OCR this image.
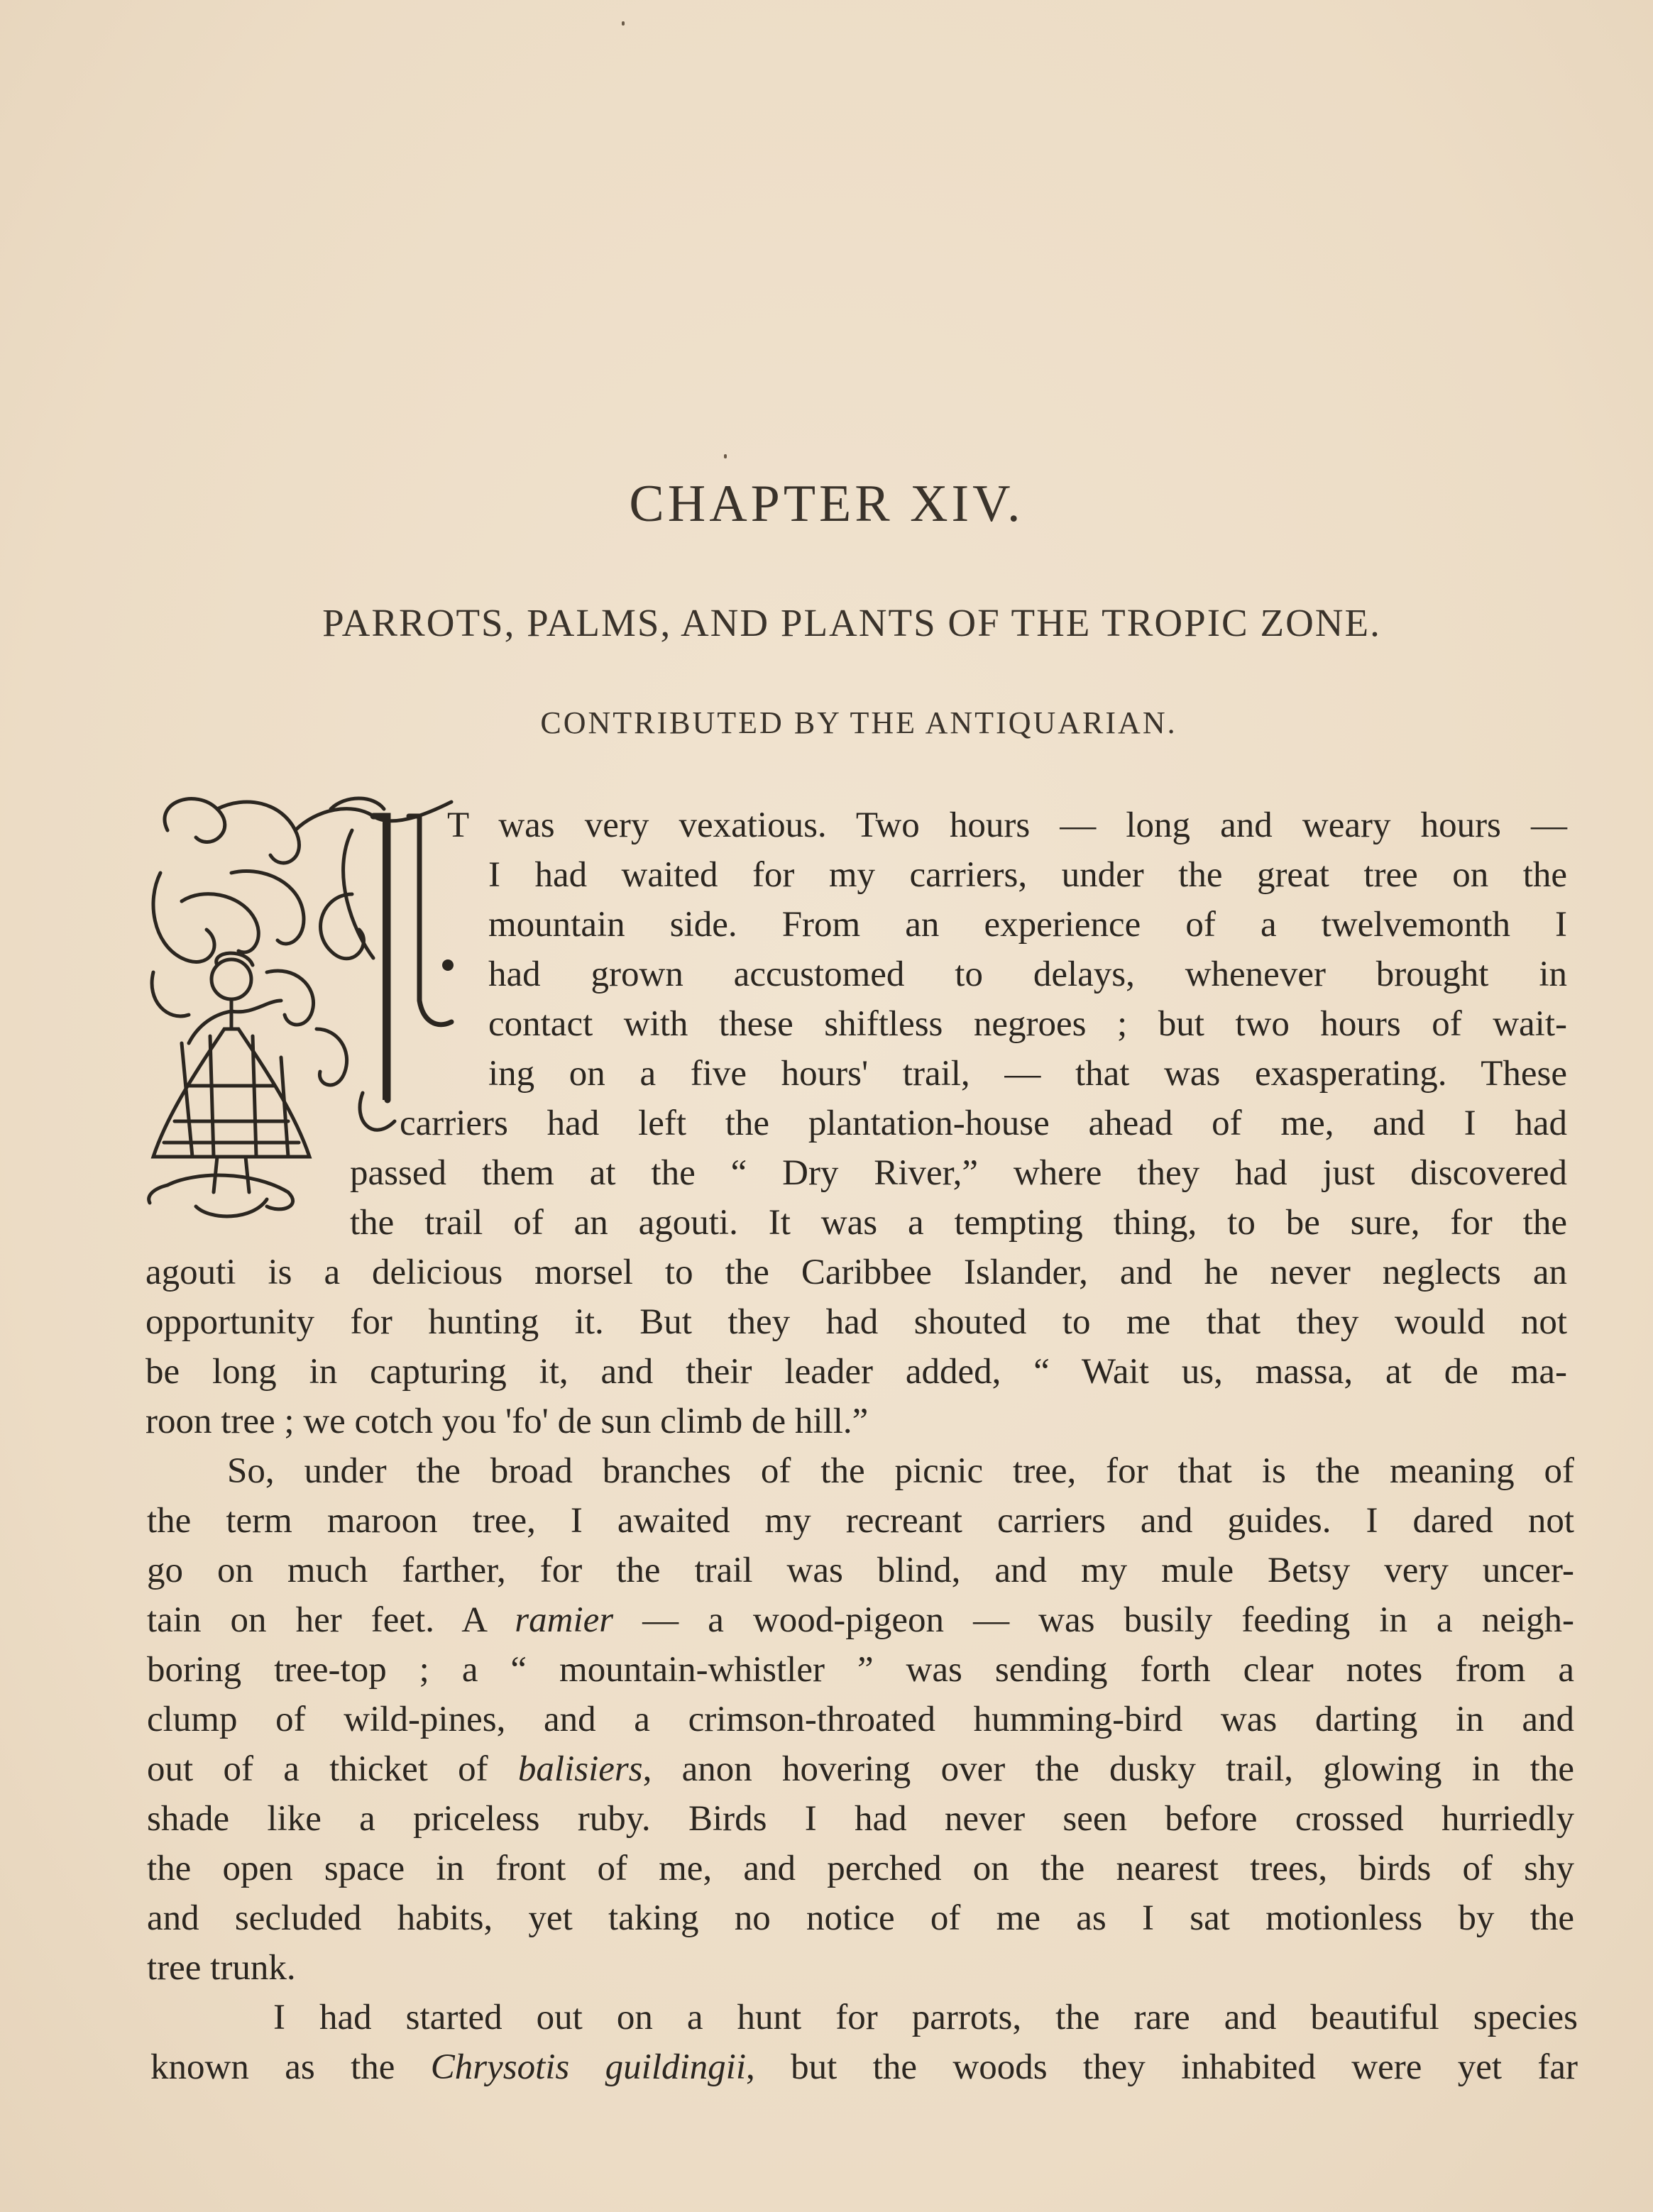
CHAPTER XIV.
PARROTS, PALMS, AND PLANTS OF THE TROPIC ZONE.
CONTRIBUTED BY THE ANTIQUARIAN.
T was very vexatious. Two hours — long and weary hours —
I had waited for my carriers, under the great tree on the
mountain side. From an experience of a twelvemonth I
had grown accustomed to delays, whenever brought in
contact with these shiftless negroes ; but two hours of wait-
ing on a five hours' trail, — that was exasperating. These
carriers had left the plantation-house ahead of me, and I had
passed them at the “ Dry River,” where they had just discovered
the trail of an agouti. It was a tempting thing, to be sure, for the
agouti is a delicious morsel to the Caribbee Islander, and he never neglects an
opportunity for hunting it. But they had shouted to me that they would not
be long in capturing it, and their leader added, “ Wait us, massa, at de ma-
roon tree ; we cotch you 'fo' de sun climb de hill.”
So, under the broad branches of the picnic tree, for that is the meaning of
the term maroon tree, I awaited my recreant carriers and guides. I dared not
go on much farther, for the trail was blind, and my mule Betsy very uncer-
tain on her feet. A ramier — a wood-pigeon — was busily feeding in a neigh-
boring tree-top ; a “ mountain-whistler ” was sending forth clear notes from a
clump of wild-pines, and a crimson-throated humming-bird was darting in and
out of a thicket of balisiers, anon hovering over the dusky trail, glowing in the
shade like a priceless ruby. Birds I had never seen before crossed hurriedly
the open space in front of me, and perched on the nearest trees, birds of shy
and secluded habits, yet taking no notice of me as I sat motionless by the
tree trunk.
I had started out on a hunt for parrots, the rare and beautiful species
known as the Chrysotis guildingii, but the woods they inhabited were yet far
